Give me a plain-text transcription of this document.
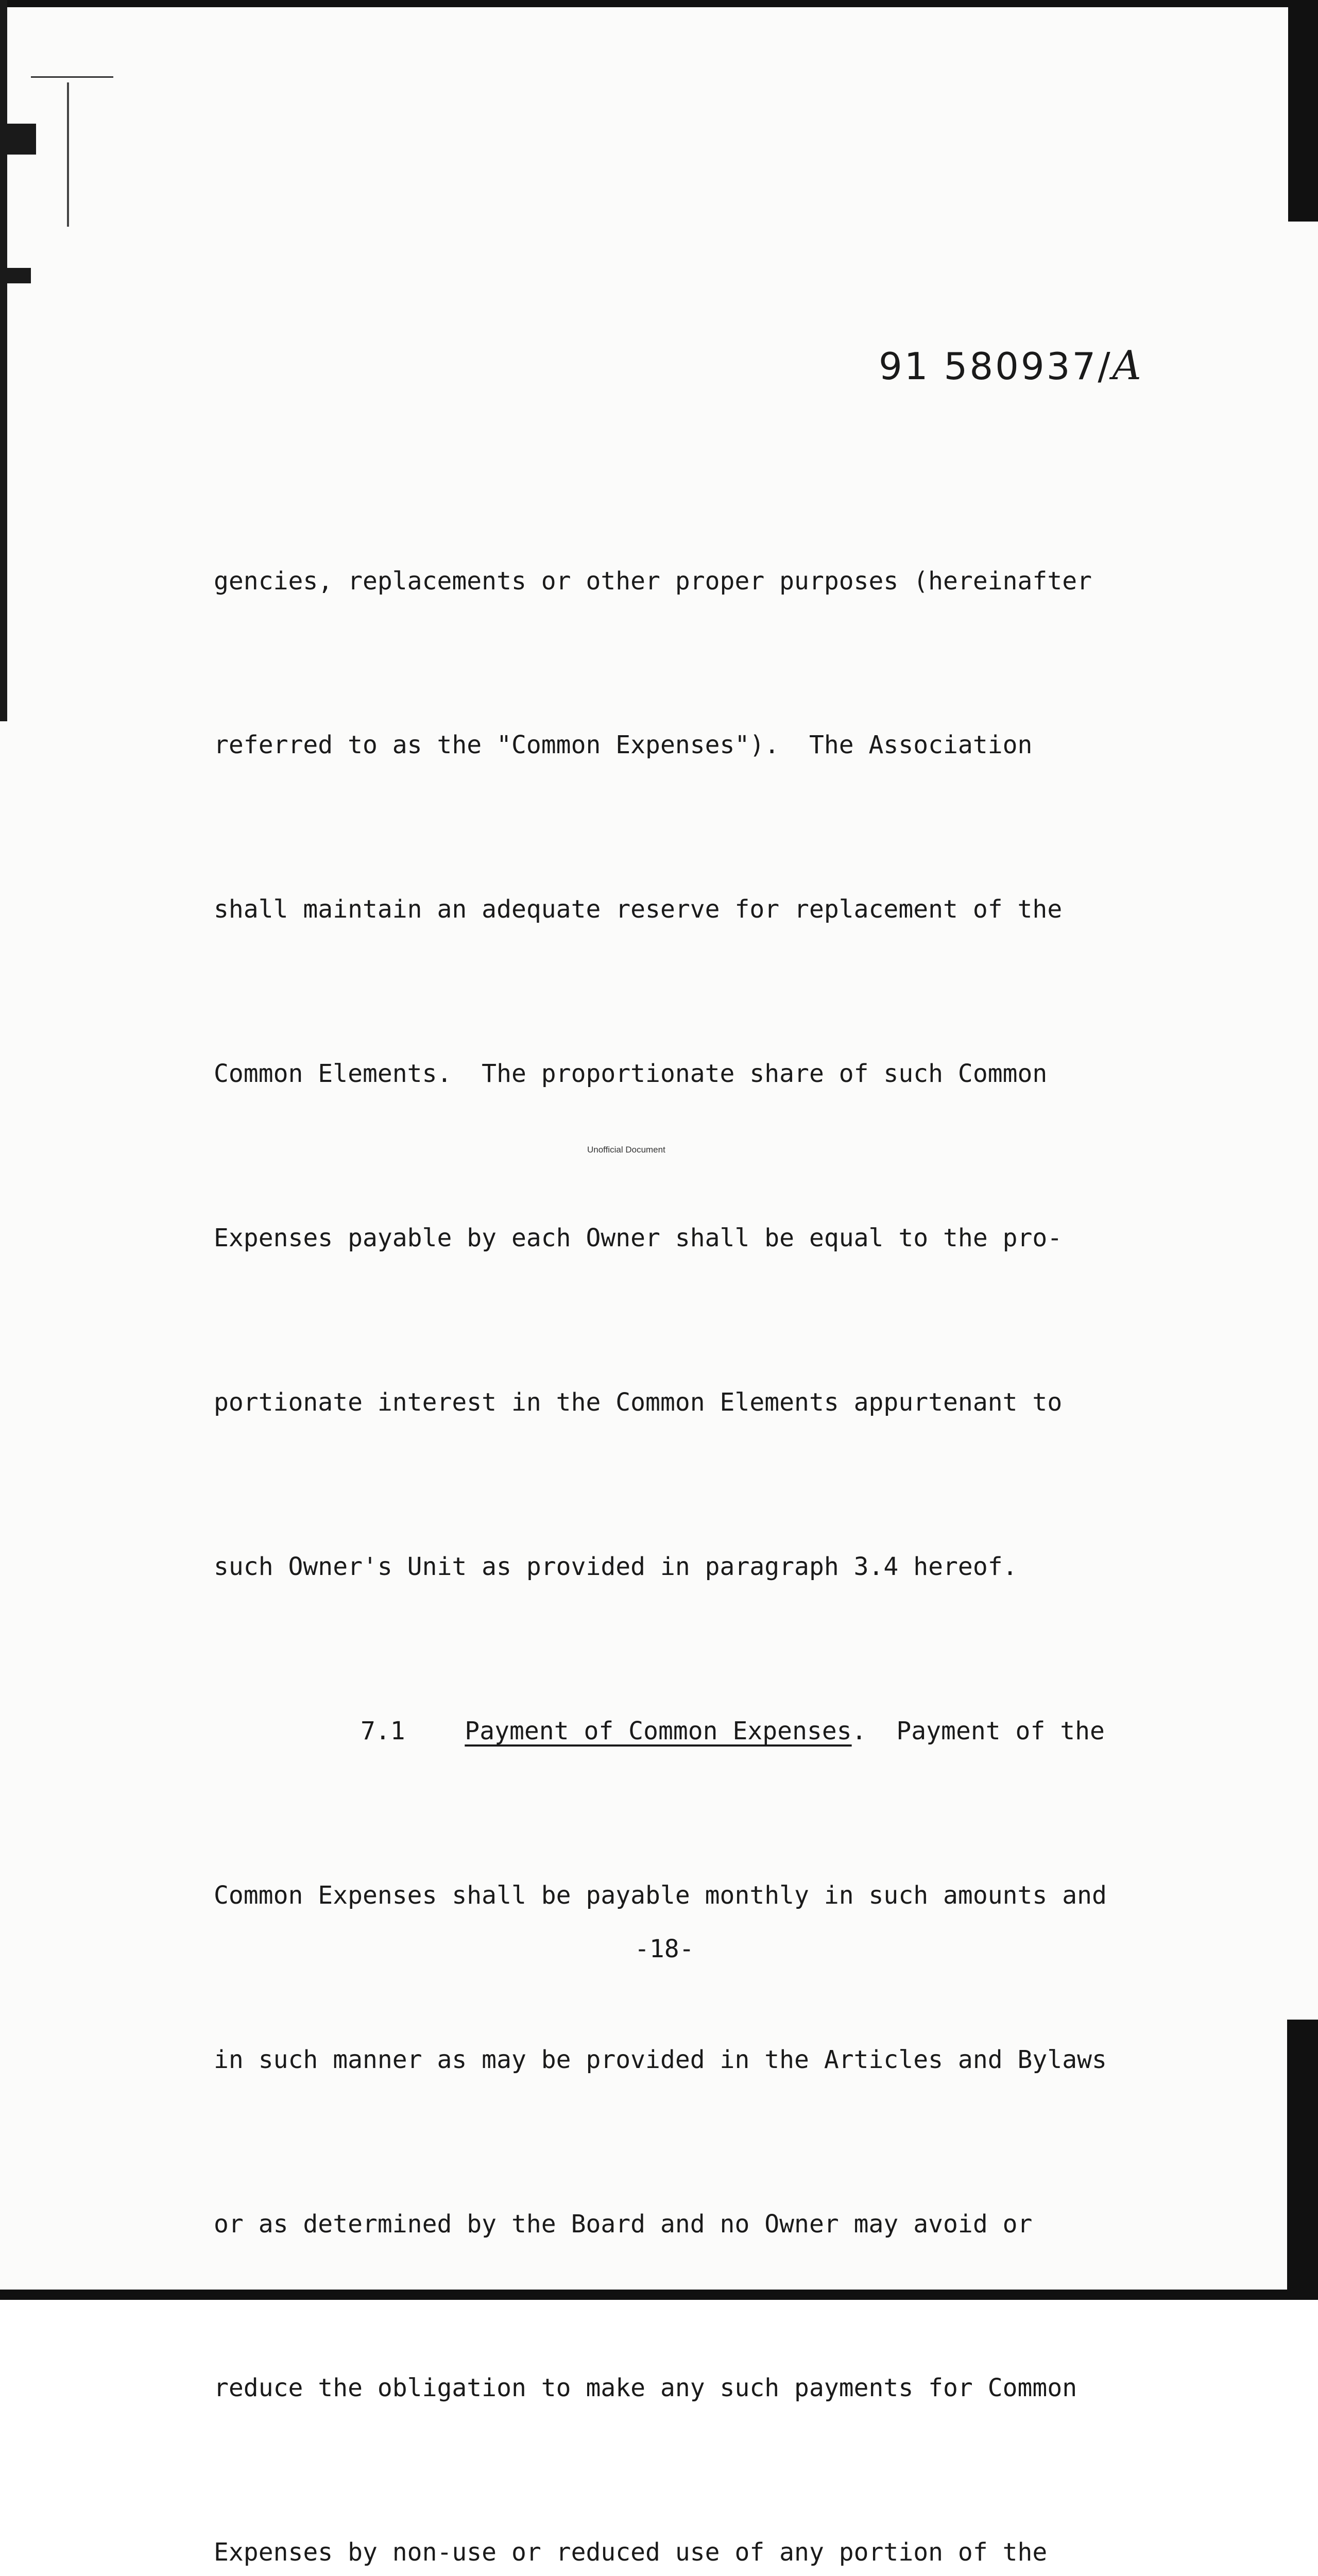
91 580937/A

gencies, replacements or other proper purposes (hereinafter

referred to as the "Common Expenses").  The Association

shall maintain an adequate reserve for replacement of the

Common Elements.  The proportionate share of such Common

Expenses payable by each Owner shall be equal to the pro-

portionate interest in the Common Elements appurtenant to

such Owner's Unit as provided in paragraph 3.4 hereof.

7.1 Payment of Common Expenses.  Payment of the

Common Expenses shall be payable monthly in such amounts and

in such manner as may be provided in the Articles and Bylaws

or as determined by the Board and no Owner may avoid or

reduce the obligation to make any such payments for Common

Expenses by non-use or reduced use of any portion of the

Unofficial Document
-18-
